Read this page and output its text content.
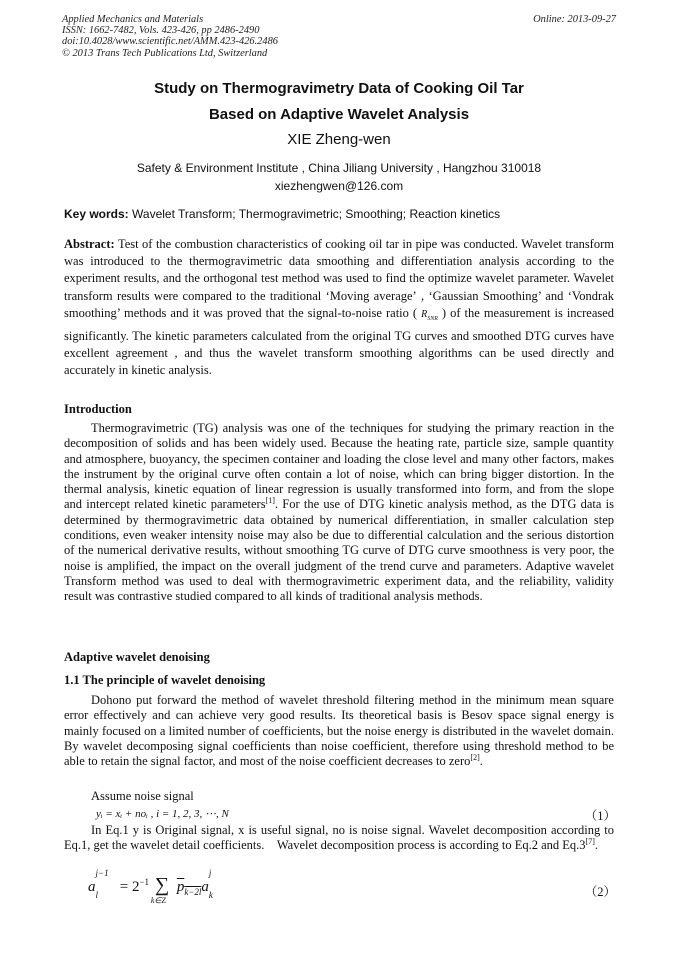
Applied Mechanics and Materials
ISSN: 1662-7482, Vols. 423-426, pp 2486-2490
doi:10.4028/www.scientific.net/AMM.423-426.2486
© 2013 Trans Tech Publications Ltd, Switzerland
Online: 2013-09-27
Study on Thermogravimetry Data of Cooking Oil Tar
Based on Adaptive Wavelet Analysis
XIE Zheng-wen
Safety & Environment Institute , China Jiliang University , Hangzhou 310018
xiezhengwen@126.com
Key words: Wavelet Transform; Thermogravimetric; Smoothing; Reaction kinetics
Abstract: Test of the combustion characteristics of cooking oil tar in pipe was conducted. Wavelet transform was introduced to the thermogravimetric data smoothing and differentiation analysis according to the experiment results, and the orthogonal test method was used to find the optimize wavelet parameter. Wavelet transform results were compared to the traditional ‘Moving average’ , ‘Gaussian Smoothing’ and ‘Vondrak smoothing’ methods and it was proved that the signal-to-noise ratio ( $R_{SNR}$ ) of the measurement is increased significantly. The kinetic parameters calculated from the original TG curves and smoothed DTG curves have excellent agreement , and thus the wavelet transform smoothing algorithms can be used directly and accurately in kinetic analysis.
Introduction
Thermogravimetric (TG) analysis was one of the techniques for studying the primary reaction in the decomposition of solids and has been widely used. Because the heating rate, particle size, sample quantity and atmosphere, buoyancy, the specimen container and loading the close level and many other factors, makes the instrument by the original curve often contain a lot of noise, which can bring bigger distortion. In the thermal analysis, kinetic equation of linear regression is usually transformed into form, and from the slope and intercept related kinetic parameters[1]. For the use of DTG kinetic analysis method, as the DTG data is determined by thermogravimetric data obtained by numerical differentiation, in smaller calculation step conditions, even weaker intensity noise may also be due to differential calculation and the serious distortion of the numerical derivative results, without smoothing TG curve of DTG curve smoothness is very poor, the noise is amplified, the impact on the overall judgment of the trend curve and parameters. Adaptive wavelet Transform method was used to deal with thermogravimetric experiment data, and the reliability, validity result was contrastive studied compared to all kinds of traditional analysis methods.
Adaptive wavelet denoising
1.1 The principle of wavelet denoising
Dohono put forward the method of wavelet threshold filtering method in the minimum mean square error effectively and can achieve very good results. Its theoretical basis is Besov space signal energy is mainly focused on a limited number of coefficients, but the noise energy is distributed in the wavelet domain. By wavelet decomposing signal coefficients than noise coefficient, therefore using threshold method to be able to retain the signal factor, and most of the noise coefficient decreases to zero[2].
Assume noise signal
yᵢ = xᵢ + noᵢ , i = 1, 2, 3, ⋯, N	（1）
In Eq.1 y is Original signal, x is useful signal, no is noise signal. Wavelet decomposition according to Eq.1, get the wavelet detail coefficients. Wavelet decomposition process is according to Eq.2 and Eq.3[7].
a
j−1
$_l = 2^{-1}$ ∑
k∈Z
$p_{k-2l}a$
j
$_k$	（2）
